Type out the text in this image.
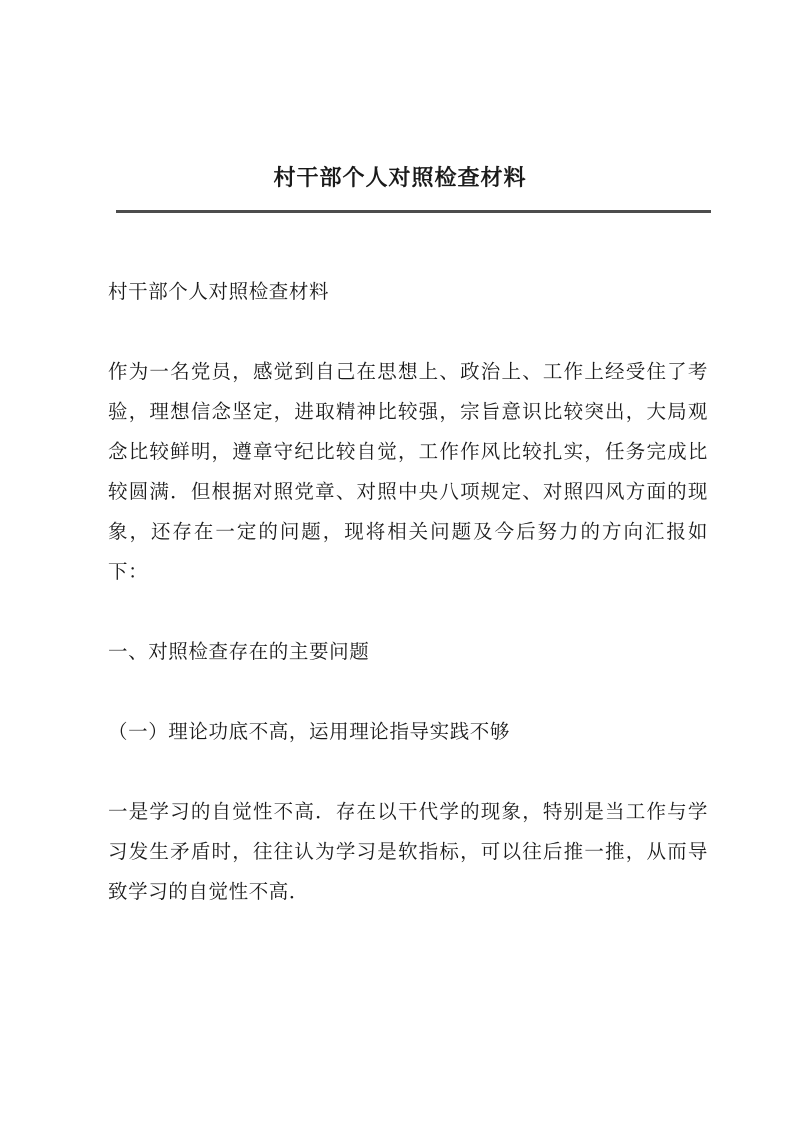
村干部个人对照检查材料

村干部个人对照检查材料

作为一名党员，感觉到自己在思想上、政治上、工作上经受住了考验，理想信念坚定，进取精神比较强，宗旨意识比较突出，大局观念比较鲜明，遵章守纪比较自觉，工作作风比较扎实，任务完成比较圆满．但根据对照党章、对照中央八项规定、对照四风方面的现象，还存在一定的问题，现将相关问题及今后努力的方向汇报如下：

一、对照检查存在的主要问题

（一）理论功底不高，运用理论指导实践不够

一是学习的自觉性不高．存在以干代学的现象，特别是当工作与学习发生矛盾时，往往认为学习是软指标，可以往后推一推，从而导致学习的自觉性不高．
